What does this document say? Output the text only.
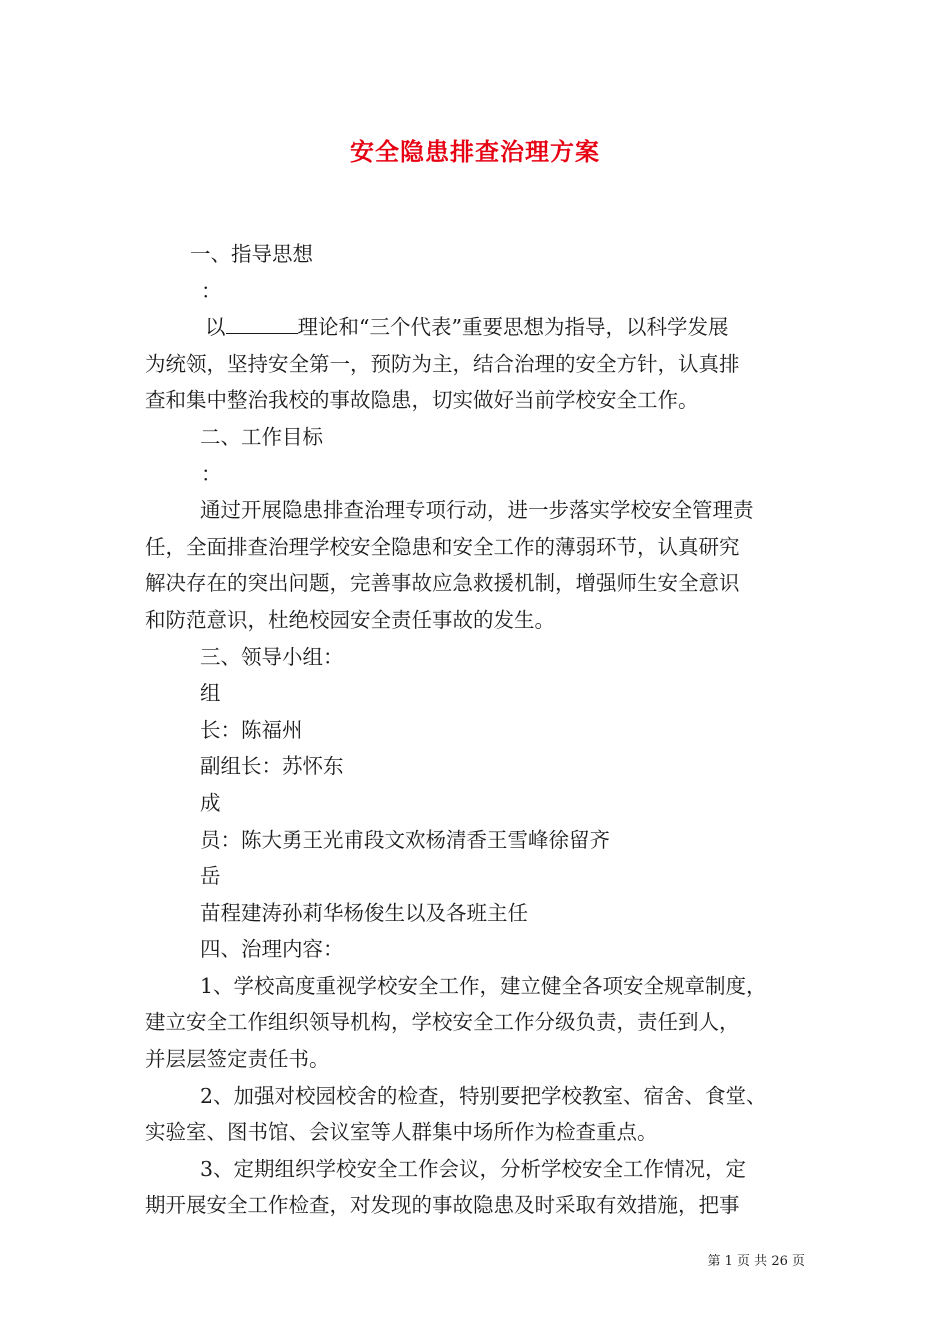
安全隐患排查治理方案

一、指导思想

：

以	理论和“三个代表”重要思想为指导，以科学发展

为统领，坚持安全第一，预防为主，结合治理的安全方针，认真排

查和集中整治我校的事故隐患，切实做好当前学校安全工作。

二、工作目标

：

通过开展隐患排查治理专项行动，进一步落实学校安全管理责

任，全面排查治理学校安全隐患和安全工作的薄弱环节，认真研究

解决存在的突出问题，完善事故应急救援机制，增强师生安全意识

和防范意识，杜绝校园安全责任事故的发生。

三、领导小组：

组

长：陈福州

副组长：苏怀东

成

员：陈大勇王光甫段文欢杨清香王雪峰徐留齐

岳

苗程建涛孙莉华杨俊生以及各班主任

四、治理内容：

1、学校高度重视学校安全工作，建立健全各项安全规章制度，

建立安全工作组织领导机构，学校安全工作分级负责，责任到人，

并层层签定责任书。

2、加强对校园校舍的检查，特别要把学校教室、宿舍、食堂、

实验室、图书馆、会议室等人群集中场所作为检查重点。

3、定期组织学校安全工作会议，分析学校安全工作情况，定

期开展安全工作检查，对发现的事故隐患及时采取有效措施，把事

第 1 页 共 26 页
